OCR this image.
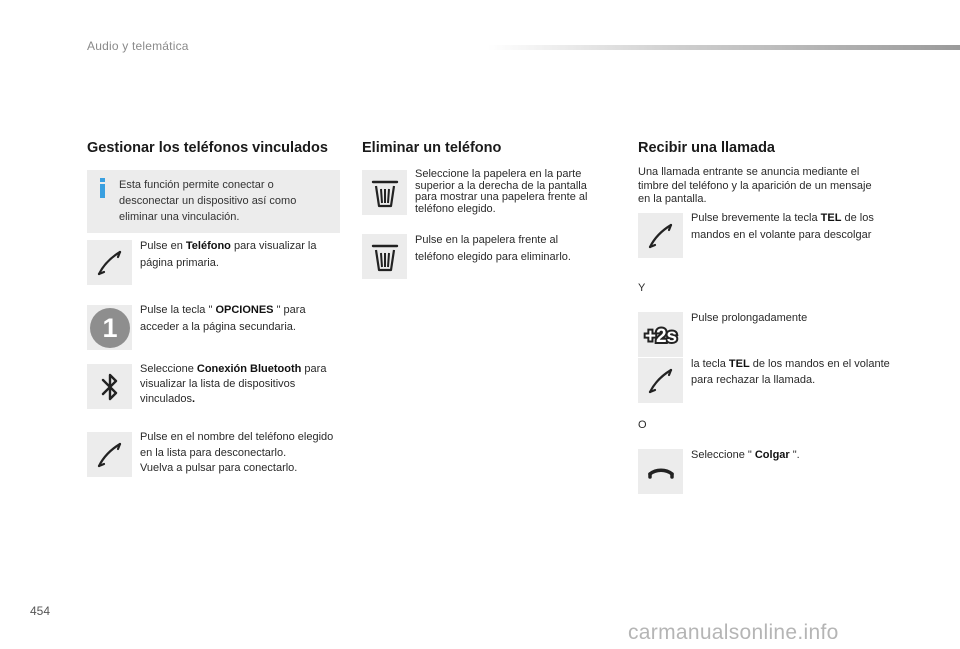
Audio y telemática
Gestionar los teléfonos vinculados
Esta función permite conectar o desconectar un dispositivo así como eliminar una vinculación.
Pulse en Teléfono para visualizar la página primaria.
1
Pulse la tecla " OPCIONES " para acceder a la página secundaria.
Seleccione Conexión Bluetooth para visualizar la lista de dispositivos vinculados.
Pulse en el nombre del teléfono elegido en la lista para desconectarlo.
Vuelva a pulsar para conectarlo.
Eliminar un teléfono
Seleccione la papelera en la parte superior a la derecha de la pantalla para mostrar una papelera frente al teléfono elegido.
Pulse en la papelera frente al teléfono elegido para eliminarlo.
Recibir una llamada
Una llamada entrante se anuncia mediante el timbre del teléfono y la aparición de un mensaje en la pantalla.
Pulse brevemente la tecla TEL de los mandos en el volante para descolgar
Y
+2s
Pulse prolongadamente
la tecla TEL de los mandos en el volante para rechazar la llamada.
O
Seleccione " Colgar ".
454
carmanualsonline.info
